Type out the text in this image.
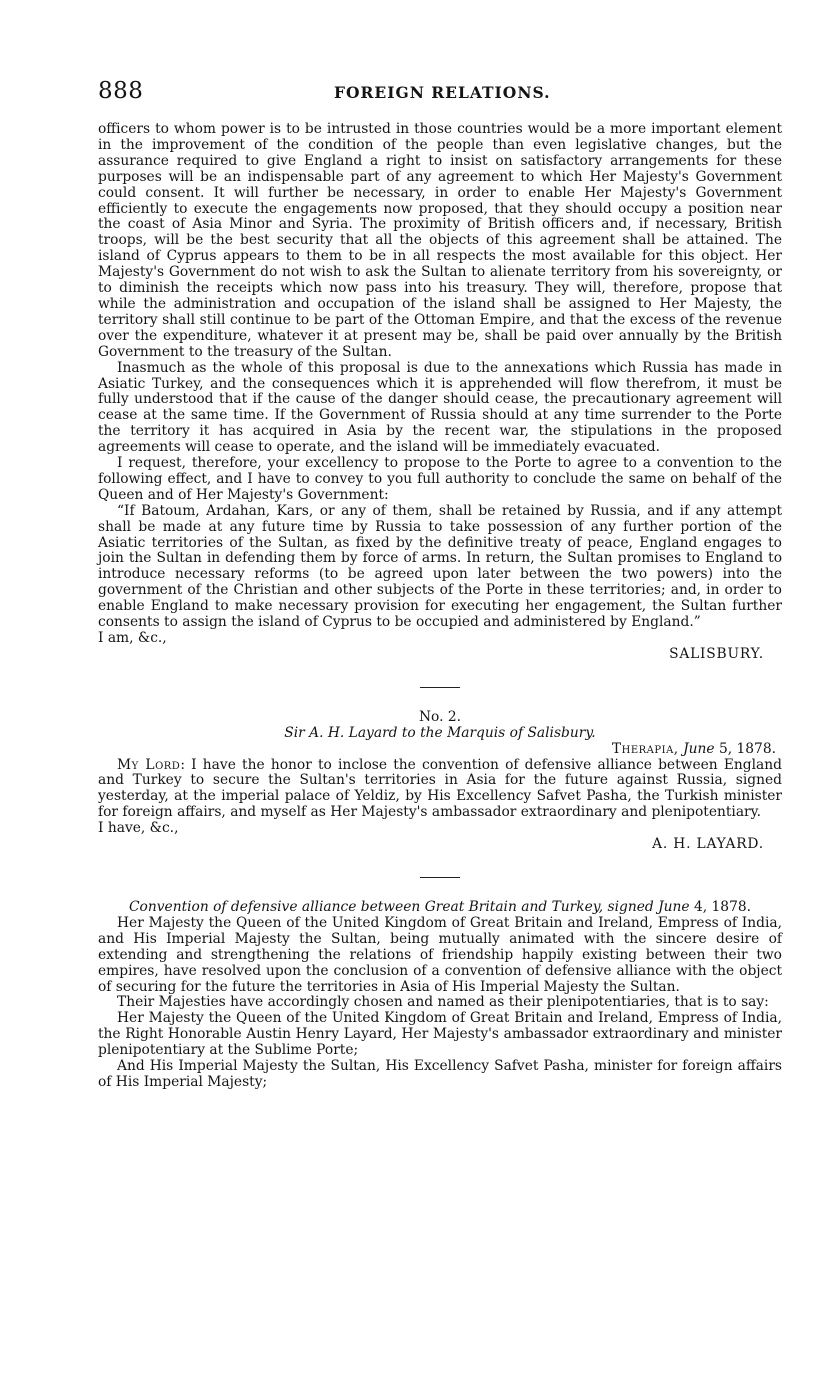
888	FOREIGN RELATIONS.

officers to whom power is to be intrusted in those countries would be a more important element in the improvement of the condition of the people than even legislative changes, but the assurance required to give England a right to insist on satisfactory arrangements for these purposes will be an indispensable part of any agreement to which Her Majesty's Government could consent. It will further be necessary, in order to enable Her Majesty's Government efficiently to execute the engagements now proposed, that they should occupy a position near the coast of Asia Minor and Syria. The proximity of British officers and, if necessary, British troops, will be the best security that all the objects of this agreement shall be attained. The island of Cyprus appears to them to be in all respects the most available for this object. Her Majesty's Government do not wish to ask the Sultan to alienate territory from his sovereignty, or to diminish the receipts which now pass into his treasury. They will, therefore, propose that while the administration and occupation of the island shall be assigned to Her Majesty, the territory shall still continue to be part of the Ottoman Empire, and that the excess of the revenue over the expenditure, whatever it at present may be, shall be paid over annually by the British Government to the treasury of the Sultan.

Inasmuch as the whole of this proposal is due to the annexations which Russia has made in Asiatic Turkey, and the consequences which it is apprehended will flow therefrom, it must be fully understood that if the cause of the danger should cease, the precautionary agreement will cease at the same time. If the Government of Russia should at any time surrender to the Porte the territory it has acquired in Asia by the recent war, the stipulations in the proposed agreements will cease to operate, and the island will be immediately evacuated.

I request, therefore, your excellency to propose to the Porte to agree to a convention to the following effect, and I have to convey to you full authority to conclude the same on behalf of the Queen and of Her Majesty's Government:

“If Batoum, Ardahan, Kars, or any of them, shall be retained by Russia, and if any attempt shall be made at any future time by Russia to take possession of any further portion of the Asiatic territories of the Sultan, as fixed by the definitive treaty of peace, England engages to join the Sultan in defending them by force of arms. In return, the Sultan promises to England to introduce necessary reforms (to be agreed upon later between the two powers) into the government of the Christian and other subjects of the Porte in these territories; and, in order to enable England to make necessary provision for executing her engagement, the Sultan further consents to assign the island of Cyprus to be occupied and administered by England.”

I am, &c.,

SALISBURY.

No. 2.

Sir A. H. Layard to the Marquis of Salisbury.

Therapia, June 5, 1878.

My Lord: I have the honor to inclose the convention of defensive alliance between England and Turkey to secure the Sultan's territories in Asia for the future against Russia, signed yesterday, at the imperial palace of Yeldiz, by His Excellency Safvet Pasha, the Turkish minister for foreign affairs, and myself as Her Majesty's ambassador extraordinary and plenipotentiary.

I have, &c.,

A. H. LAYARD.

Convention of defensive alliance between Great Britain and Turkey, signed June 4, 1878.

Her Majesty the Queen of the United Kingdom of Great Britain and Ireland, Empress of India, and His Imperial Majesty the Sultan, being mutually animated with the sincere desire of extending and strengthening the relations of friendship happily existing between their two empires, have resolved upon the conclusion of a convention of defensive alliance with the object of securing for the future the territories in Asia of His Imperial Majesty the Sultan.

Their Majesties have accordingly chosen and named as their plenipotentiaries, that is to say:

Her Majesty the Queen of the United Kingdom of Great Britain and Ireland, Empress of India, the Right Honorable Austin Henry Layard, Her Majesty's ambassador extraordinary and minister plenipotentiary at the Sublime Porte;

And His Imperial Majesty the Sultan, His Excellency Safvet Pasha, minister for foreign affairs of His Imperial Majesty;
